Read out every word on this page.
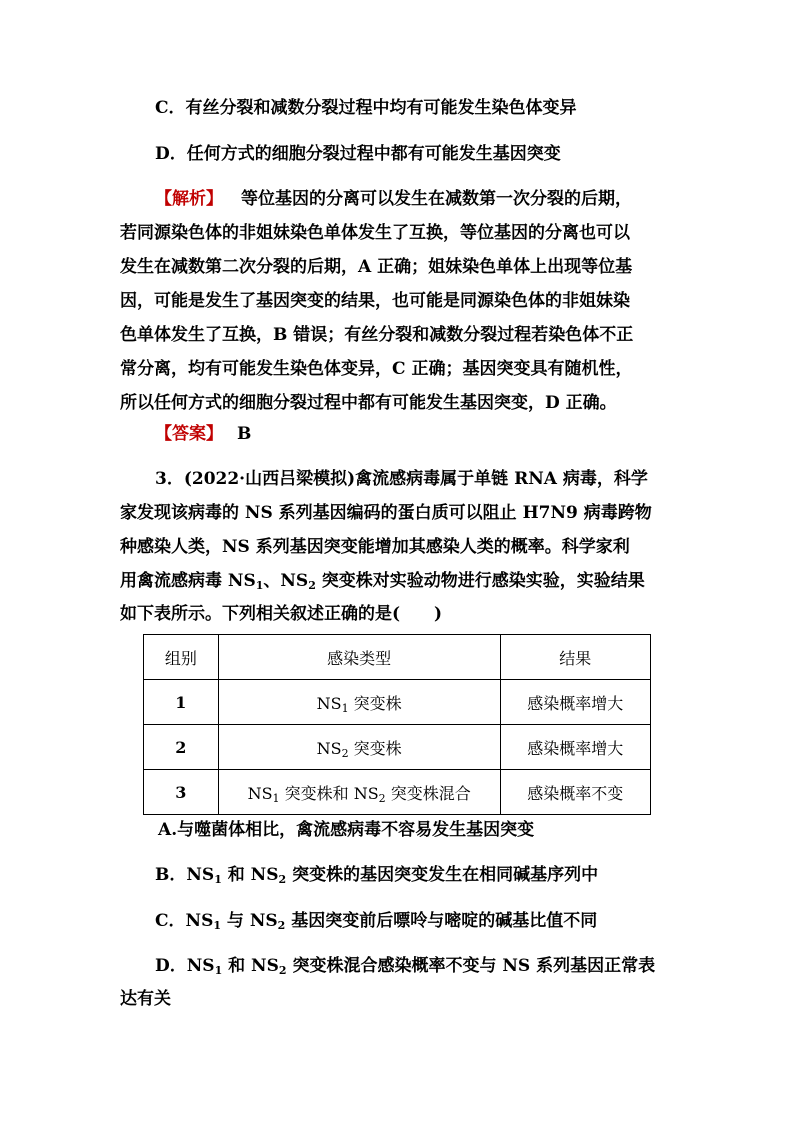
C．有丝分裂和减数分裂过程中均有可能发生染色体变异
D．任何方式的细胞分裂过程中都有可能发生基因突变
【解析】 等位基因的分离可以发生在减数第一次分裂的后期，
若同源染色体的非姐妹染色单体发生了互换，等位基因的分离也可以
发生在减数第二次分裂的后期，A 正确；姐妹染色单体上出现等位基
因，可能是发生了基因突变的结果，也可能是同源染色体的非姐妹染
色单体发生了互换，B 错误；有丝分裂和减数分裂过程若染色体不正
常分离，均有可能发生染色体变异，C 正确；基因突变具有随机性，
所以任何方式的细胞分裂过程中都有可能发生基因突变，D 正确。
【答案】 B
3．(2022·山西吕梁模拟)禽流感病毒属于单链 RNA 病毒，科学
家发现该病毒的 NS 系列基因编码的蛋白质可以阻止 H7N9 病毒跨物
种感染人类，NS 系列基因突变能增加其感染人类的概率。科学家利
用禽流感病毒 $NS_1$、$NS_2$ 突变株对实验动物进行感染实验，实验结果
如下表所示。下列相关叙述正确的是(　　)
组别	感染类型	结果
1	$NS_1$ 突变株	感染概率增大
2	$NS_2$ 突变株	感染概率增大
3	$NS_1$ 突变株和 $NS_2$ 突变株混合	感染概率不变
A.与噬菌体相比，禽流感病毒不容易发生基因突变
B．$NS_1$ 和 $NS_2$ 突变株的基因突变发生在相同碱基序列中
C．$NS_1$ 与 $NS_2$ 基因突变前后嘌呤与嘧啶的碱基比值不同
D．$NS_1$ 和 $NS_2$ 突变株混合感染概率不变与 NS 系列基因正常表
达有关
